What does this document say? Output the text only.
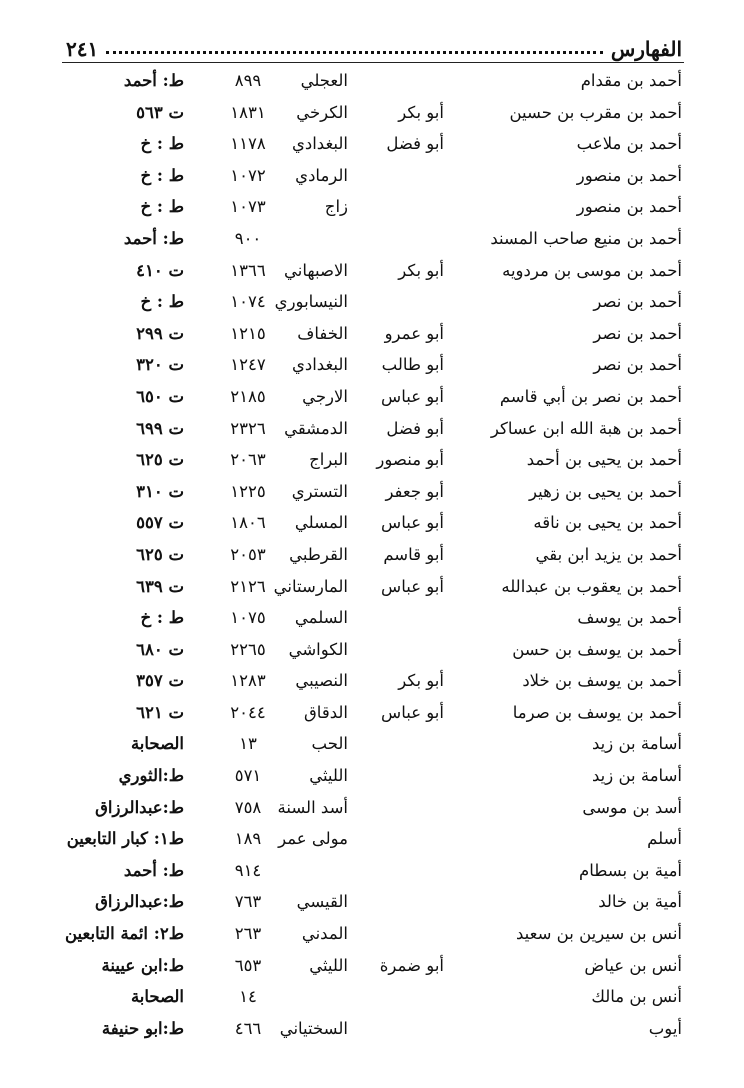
٢٤١	الفهارس
أحمد بن مقدام
العجلي
٨٩٩
ط: أحمد
أحمد بن مقرب بن حسين
أبو بكر
الكرخي
١٨٣١
ت ٥٦٣
أحمد بن ملاعب
أبو فضل
البغدادي
١١٧٨
ط : خ
أحمد بن منصور
الرمادي
١٠٧٢
ط : خ
أحمد بن منصور
زاج
١٠٧٣
ط : خ
أحمد بن منيع صاحب المسند
٩٠٠
ط: أحمد
أحمد بن موسى بن مردويه
أبو بكر
الاصبهاني
١٣٦٦
ت ٤١٠
أحمد بن نصر
النيسابوري
١٠٧٤
ط : خ
أحمد بن نصر
أبو عمرو
الخفاف
١٢١٥
ت ٢٩٩
أحمد بن نصر
أبو طالب
البغدادي
١٢٤٧
ت ٣٢٠
أحمد بن نصر بن أبي قاسم
أبو عباس
الارجي
٢١٨٥
ت ٦٥٠
أحمد بن هبة الله ابن عساكر
أبو فضل
الدمشقي
٢٣٢٦
ت ٦٩٩
أحمد بن يحيى بن أحمد
أبو منصور
البراج
٢٠٦٣
ت ٦٢٥
أحمد بن يحيى بن زهير
أبو جعفر
التستري
١٢٢٥
ت ٣١٠
أحمد بن يحيى بن ناقه
أبو عباس
المسلي
١٨٠٦
ت ٥٥٧
أحمد بن يزيد ابن بقي
أبو قاسم
القرطبي
٢٠٥٣
ت ٦٢٥
أحمد بن يعقوب بن عبدالله
أبو عباس
المارستاني
٢١٢٦
ت ٦٣٩
أحمد بن يوسف
السلمي
١٠٧٥
ط : خ
أحمد بن يوسف بن حسن
الكواشي
٢٢٦٥
ت ٦٨٠
أحمد بن يوسف بن خلاد
أبو بكر
النصيبي
١٢٨٣
ت ٣٥٧
أحمد بن يوسف بن صرما
أبو عباس
الدقاق
٢٠٤٤
ت ٦٢١
أسامة بن زيد
الحب
١٣
الصحابة
أسامة بن زيد
الليثي
٥٧١
ط:الثوري
أسد بن موسى
أسد السنة
٧٥٨
ط:عبدالرزاق
أسلم
مولى عمر
١٨٩
ط١: كبار التابعين
أمية بن بسطام
٩١٤
ط: أحمد
أمية بن خالد
القيسي
٧٦٣
ط:عبدالرزاق
أنس بن سيرين بن سعيد
المدني
٢٦٣
ط٢: ائمة التابعين
أنس بن عياض
أبو ضمرة
الليثي
٦٥٣
ط:ابن عيينة
أنس بن مالك
١٤
الصحابة
أيوب
السختياني
٤٦٦
ط:ابو حنيفة
